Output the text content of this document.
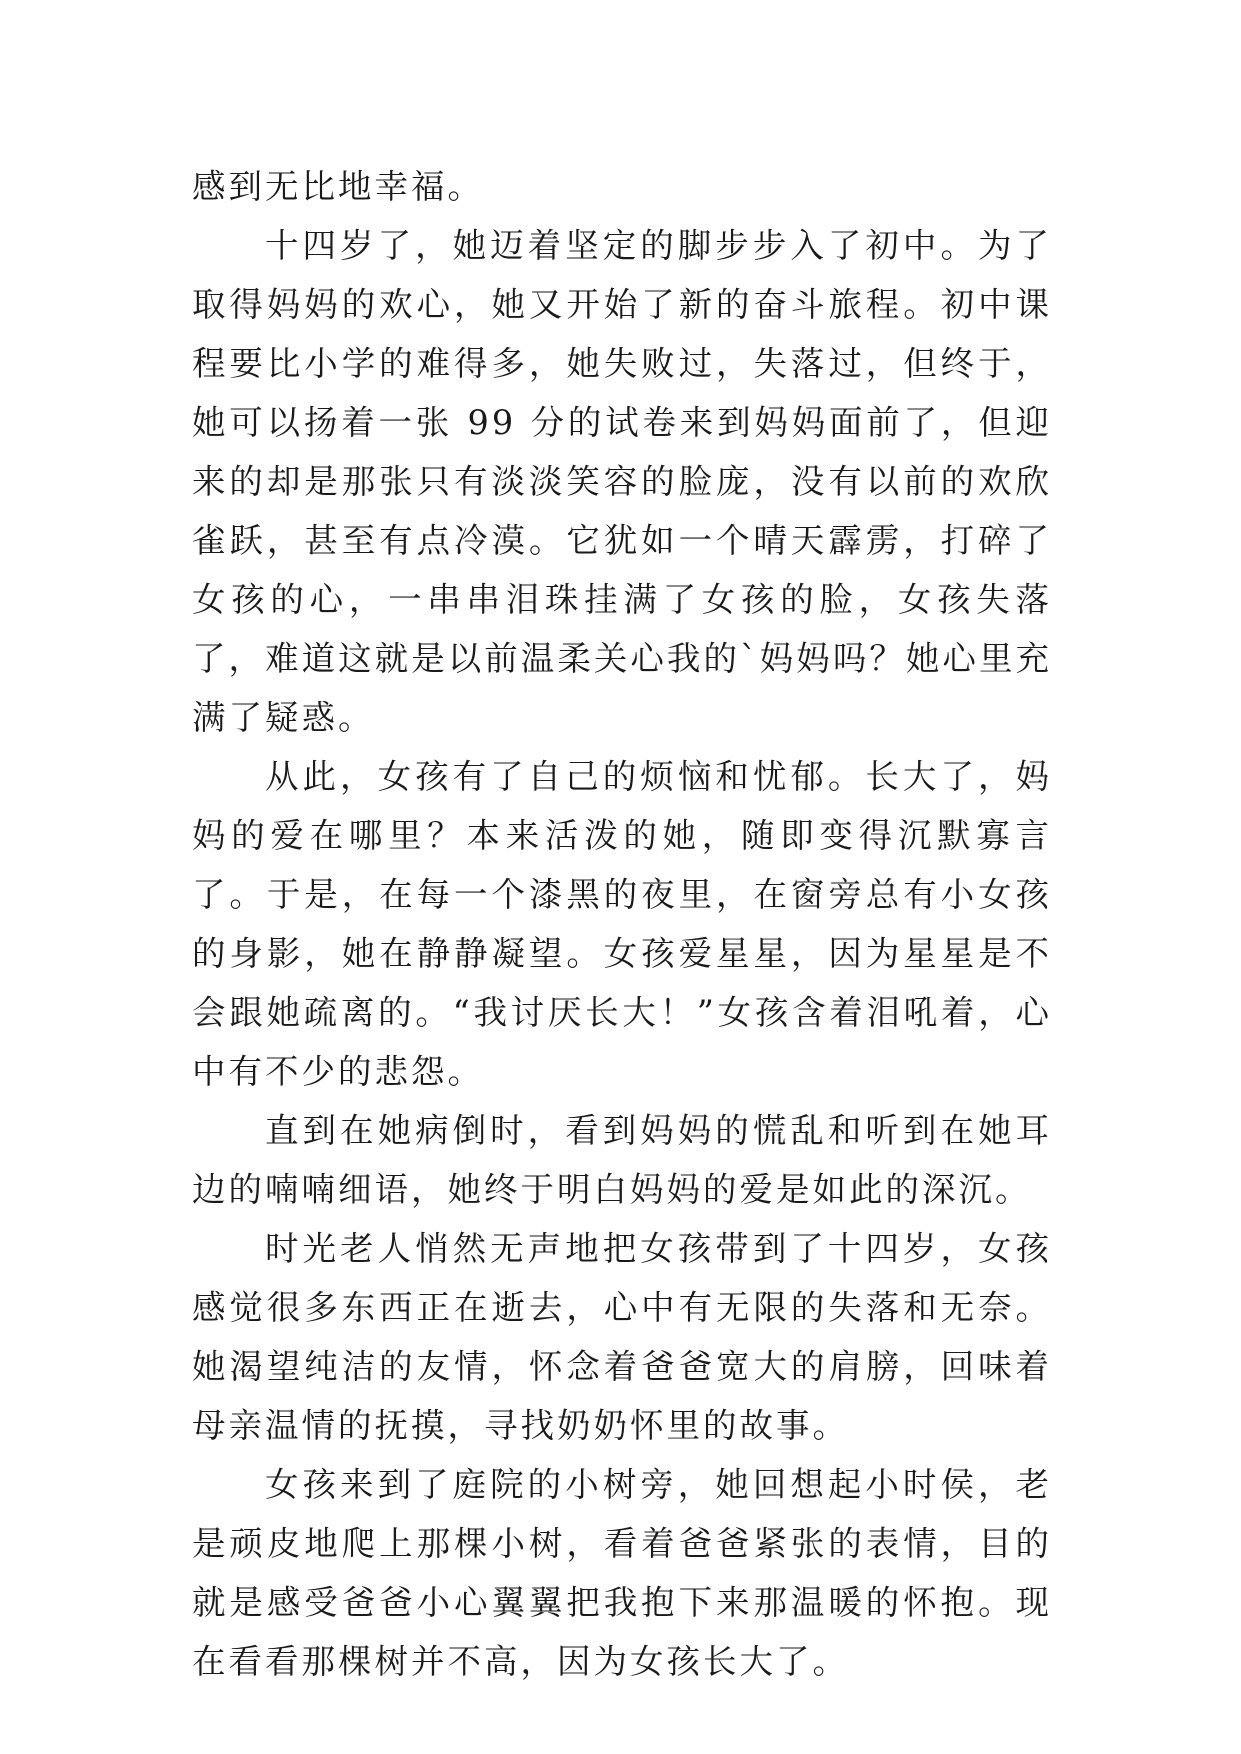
感到无比地幸福。

十四岁了，她迈着坚定的脚步步入了初中。为了取得妈妈的欢心，她又开始了新的奋斗旅程。初中课程要比小学的难得多，她失败过，失落过，但终于，她可以扬着一张 99 分的试卷来到妈妈面前了，但迎来的却是那张只有淡淡笑容的脸庞，没有以前的欢欣雀跃，甚至有点冷漠。它犹如一个晴天霹雳，打碎了女孩的心，一串串泪珠挂满了女孩的脸，女孩失落了，难道这就是以前温柔关心我的`妈妈吗？她心里充满了疑惑。

从此，女孩有了自己的烦恼和忧郁。长大了，妈妈的爱在哪里？本来活泼的她，随即变得沉默寡言了。于是，在每一个漆黑的夜里，在窗旁总有小女孩的身影，她在静静凝望。女孩爱星星，因为星星是不会跟她疏离的。“我讨厌长大！”女孩含着泪吼着，心中有不少的悲怨。

直到在她病倒时，看到妈妈的慌乱和听到在她耳边的喃喃细语，她终于明白妈妈的爱是如此的深沉。

时光老人悄然无声地把女孩带到了十四岁，女孩感觉很多东西正在逝去，心中有无限的失落和无奈。她渴望纯洁的友情，怀念着爸爸宽大的肩膀，回味着母亲温情的抚摸，寻找奶奶怀里的故事。

女孩来到了庭院的小树旁，她回想起小时侯，老是顽皮地爬上那棵小树，看着爸爸紧张的表情，目的就是感受爸爸小心翼翼把我抱下来那温暖的怀抱。现在看看那棵树并不高，因为女孩长大了。
